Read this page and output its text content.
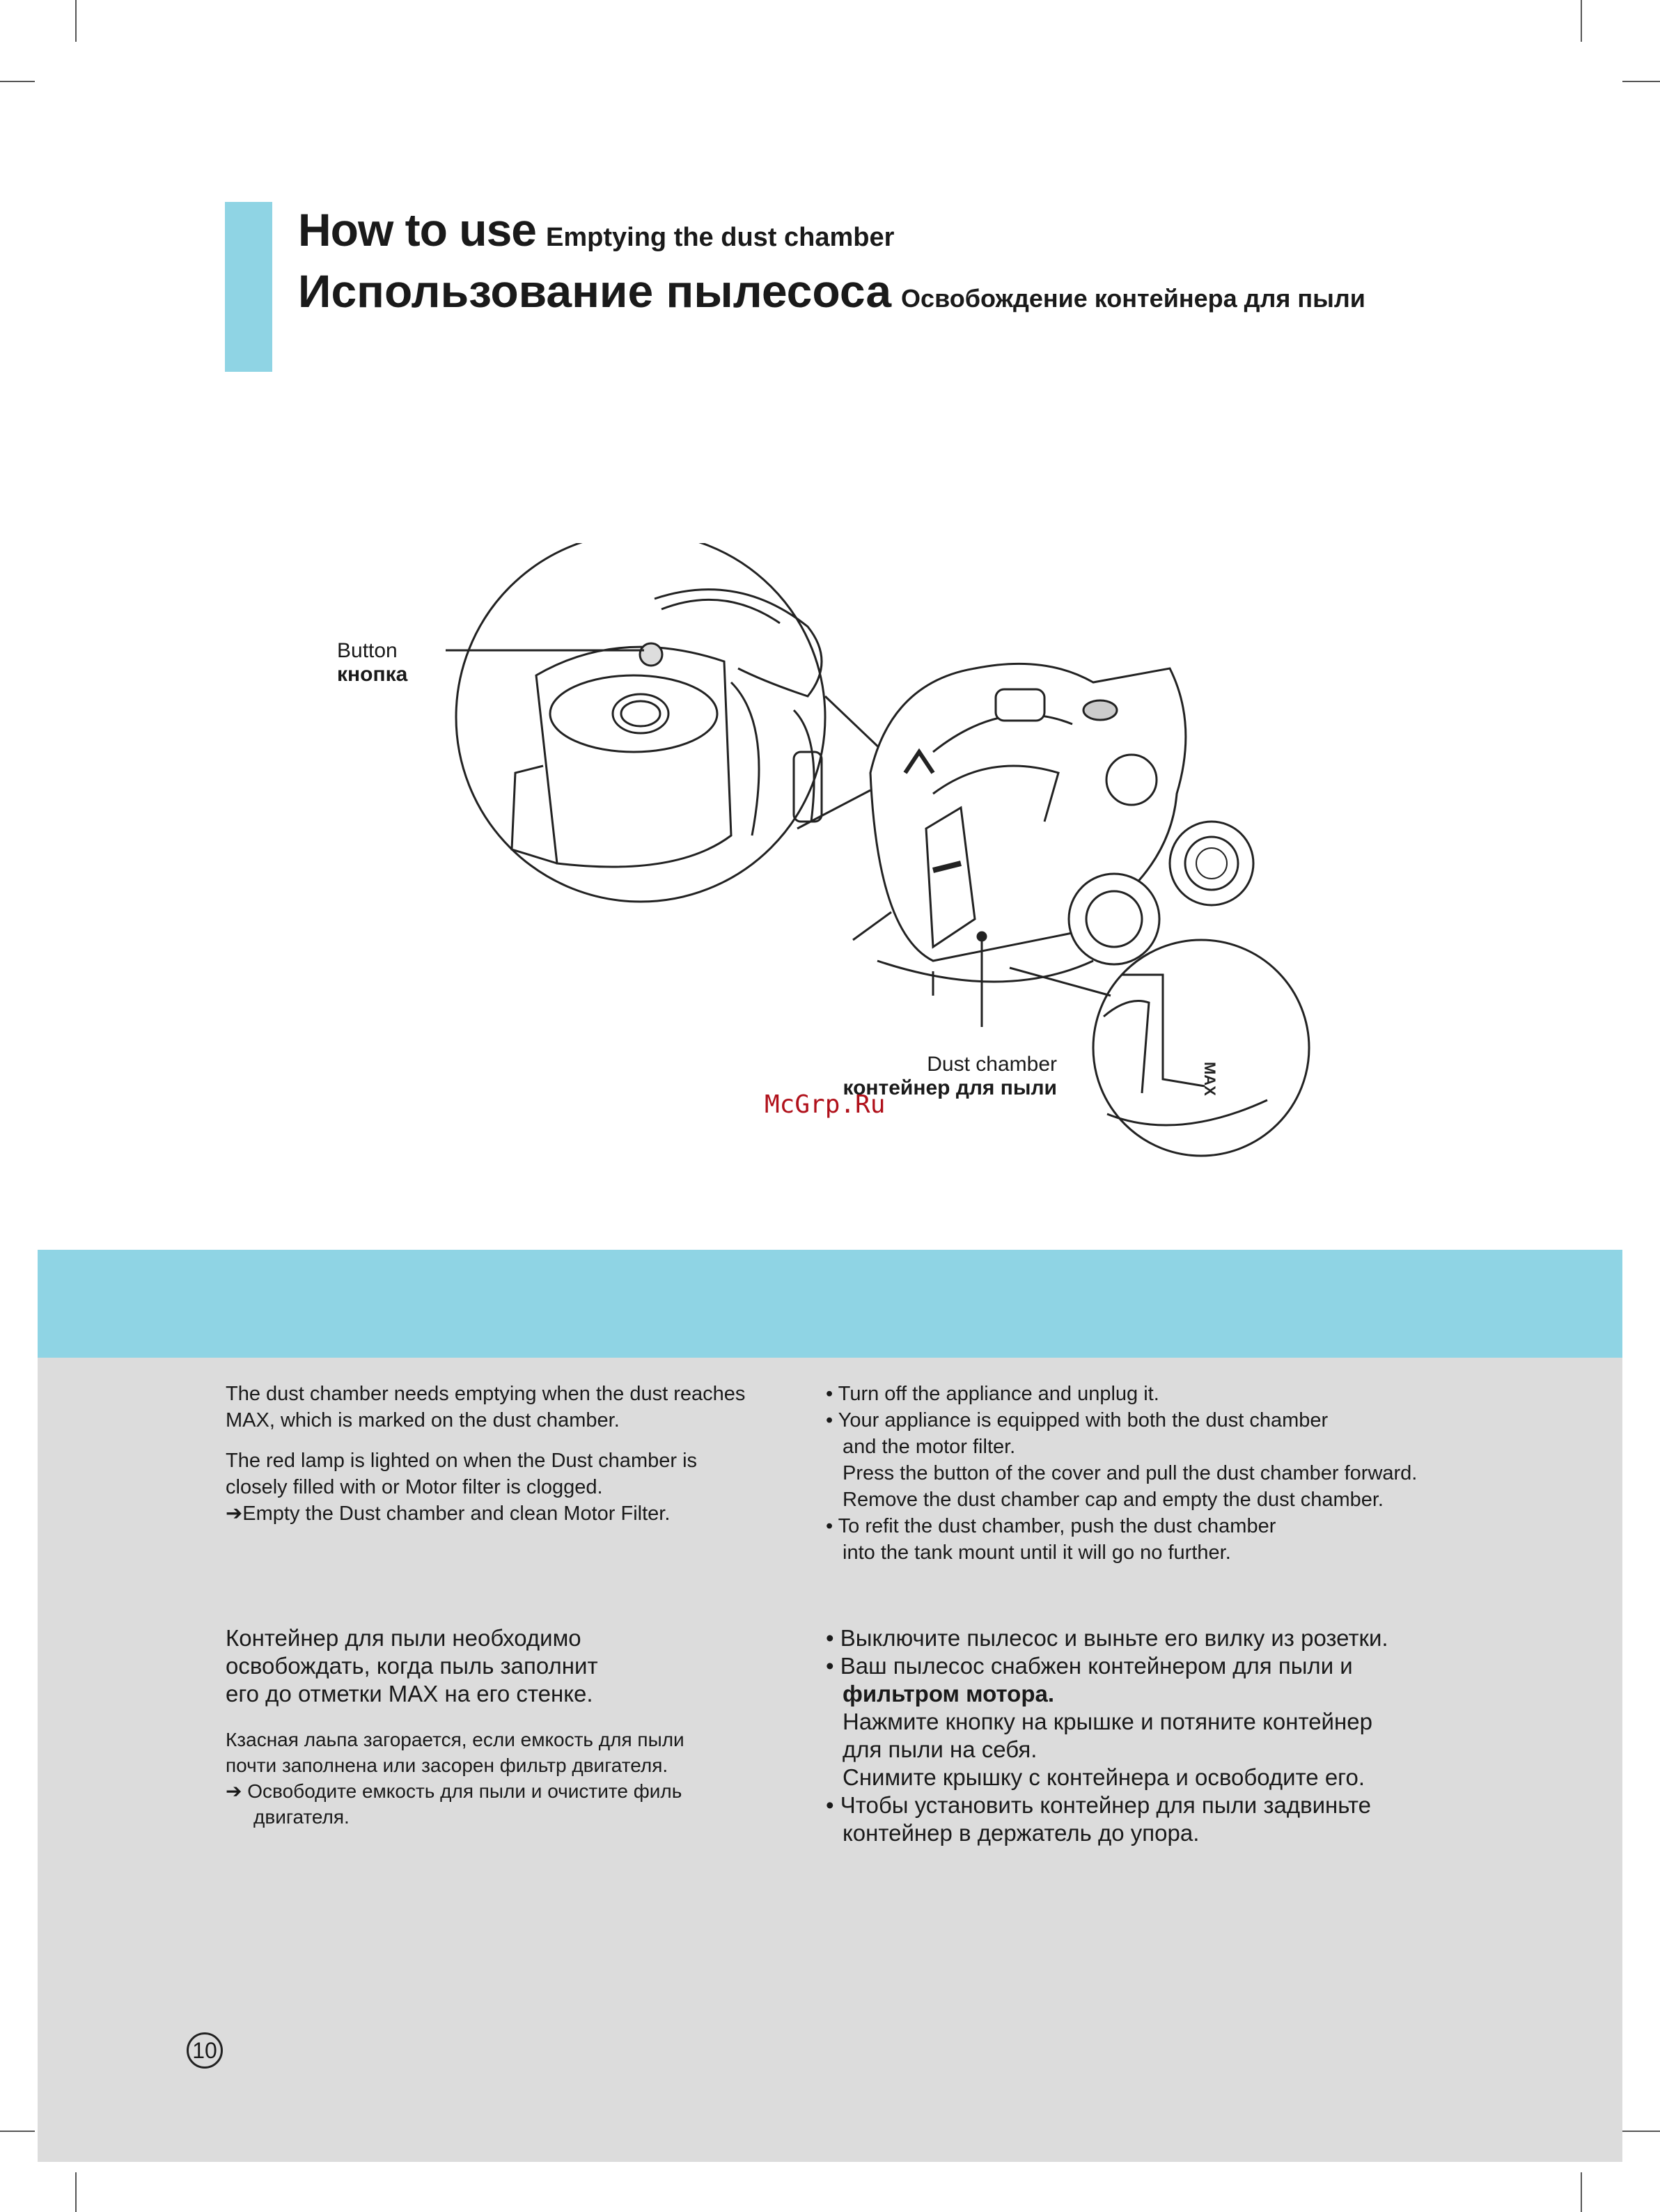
How to use Emptying the dust chamber
Использование пылесоса Освобождение контейнера для пыли
MAX
Button
кнопка
Dust chamber
контейнер для пыли
McGrp.Ru

The dust chamber needs emptying when the dust reaches
MAX, which is marked on the dust chamber.

The red lamp is lighted on when the Dust chamber is
closely filled with or Motor filter is clogged.
➔Empty the Dust chamber and clean Motor Filter.

• Turn off the appliance and unplug it.
• Your appliance is equipped with both the dust chamber
and the motor filter.
Press the button of the cover and pull the dust chamber forward.
Remove the dust chamber cap and empty the dust chamber.
• To refit the dust chamber, push the dust chamber
into the tank mount until it will go no further.

Контейнер для пыли необходимо
освобождать, когда пыль заполнит
его до отметки MAX на его стенке.

Кзасная лаьпа загорается, если емкость для пыли
почти заполнена или засорен фильтр двигателя.
➔ Освободите емкость для пыли и очистите филь
двигателя.
• Выключите пылесос и выньте его вилку из розетки.
• Ваш пылесос снабжен контейнером для пыли и
фильтром мотора.
Нажмите кнопку на крышке и потяните контейнер
для пыли на себя.
Снимите крышку с контейнера и освободите его.
• Чтобы установить контейнер для пыли задвиньте
контейнер в держатель до упора.
10
